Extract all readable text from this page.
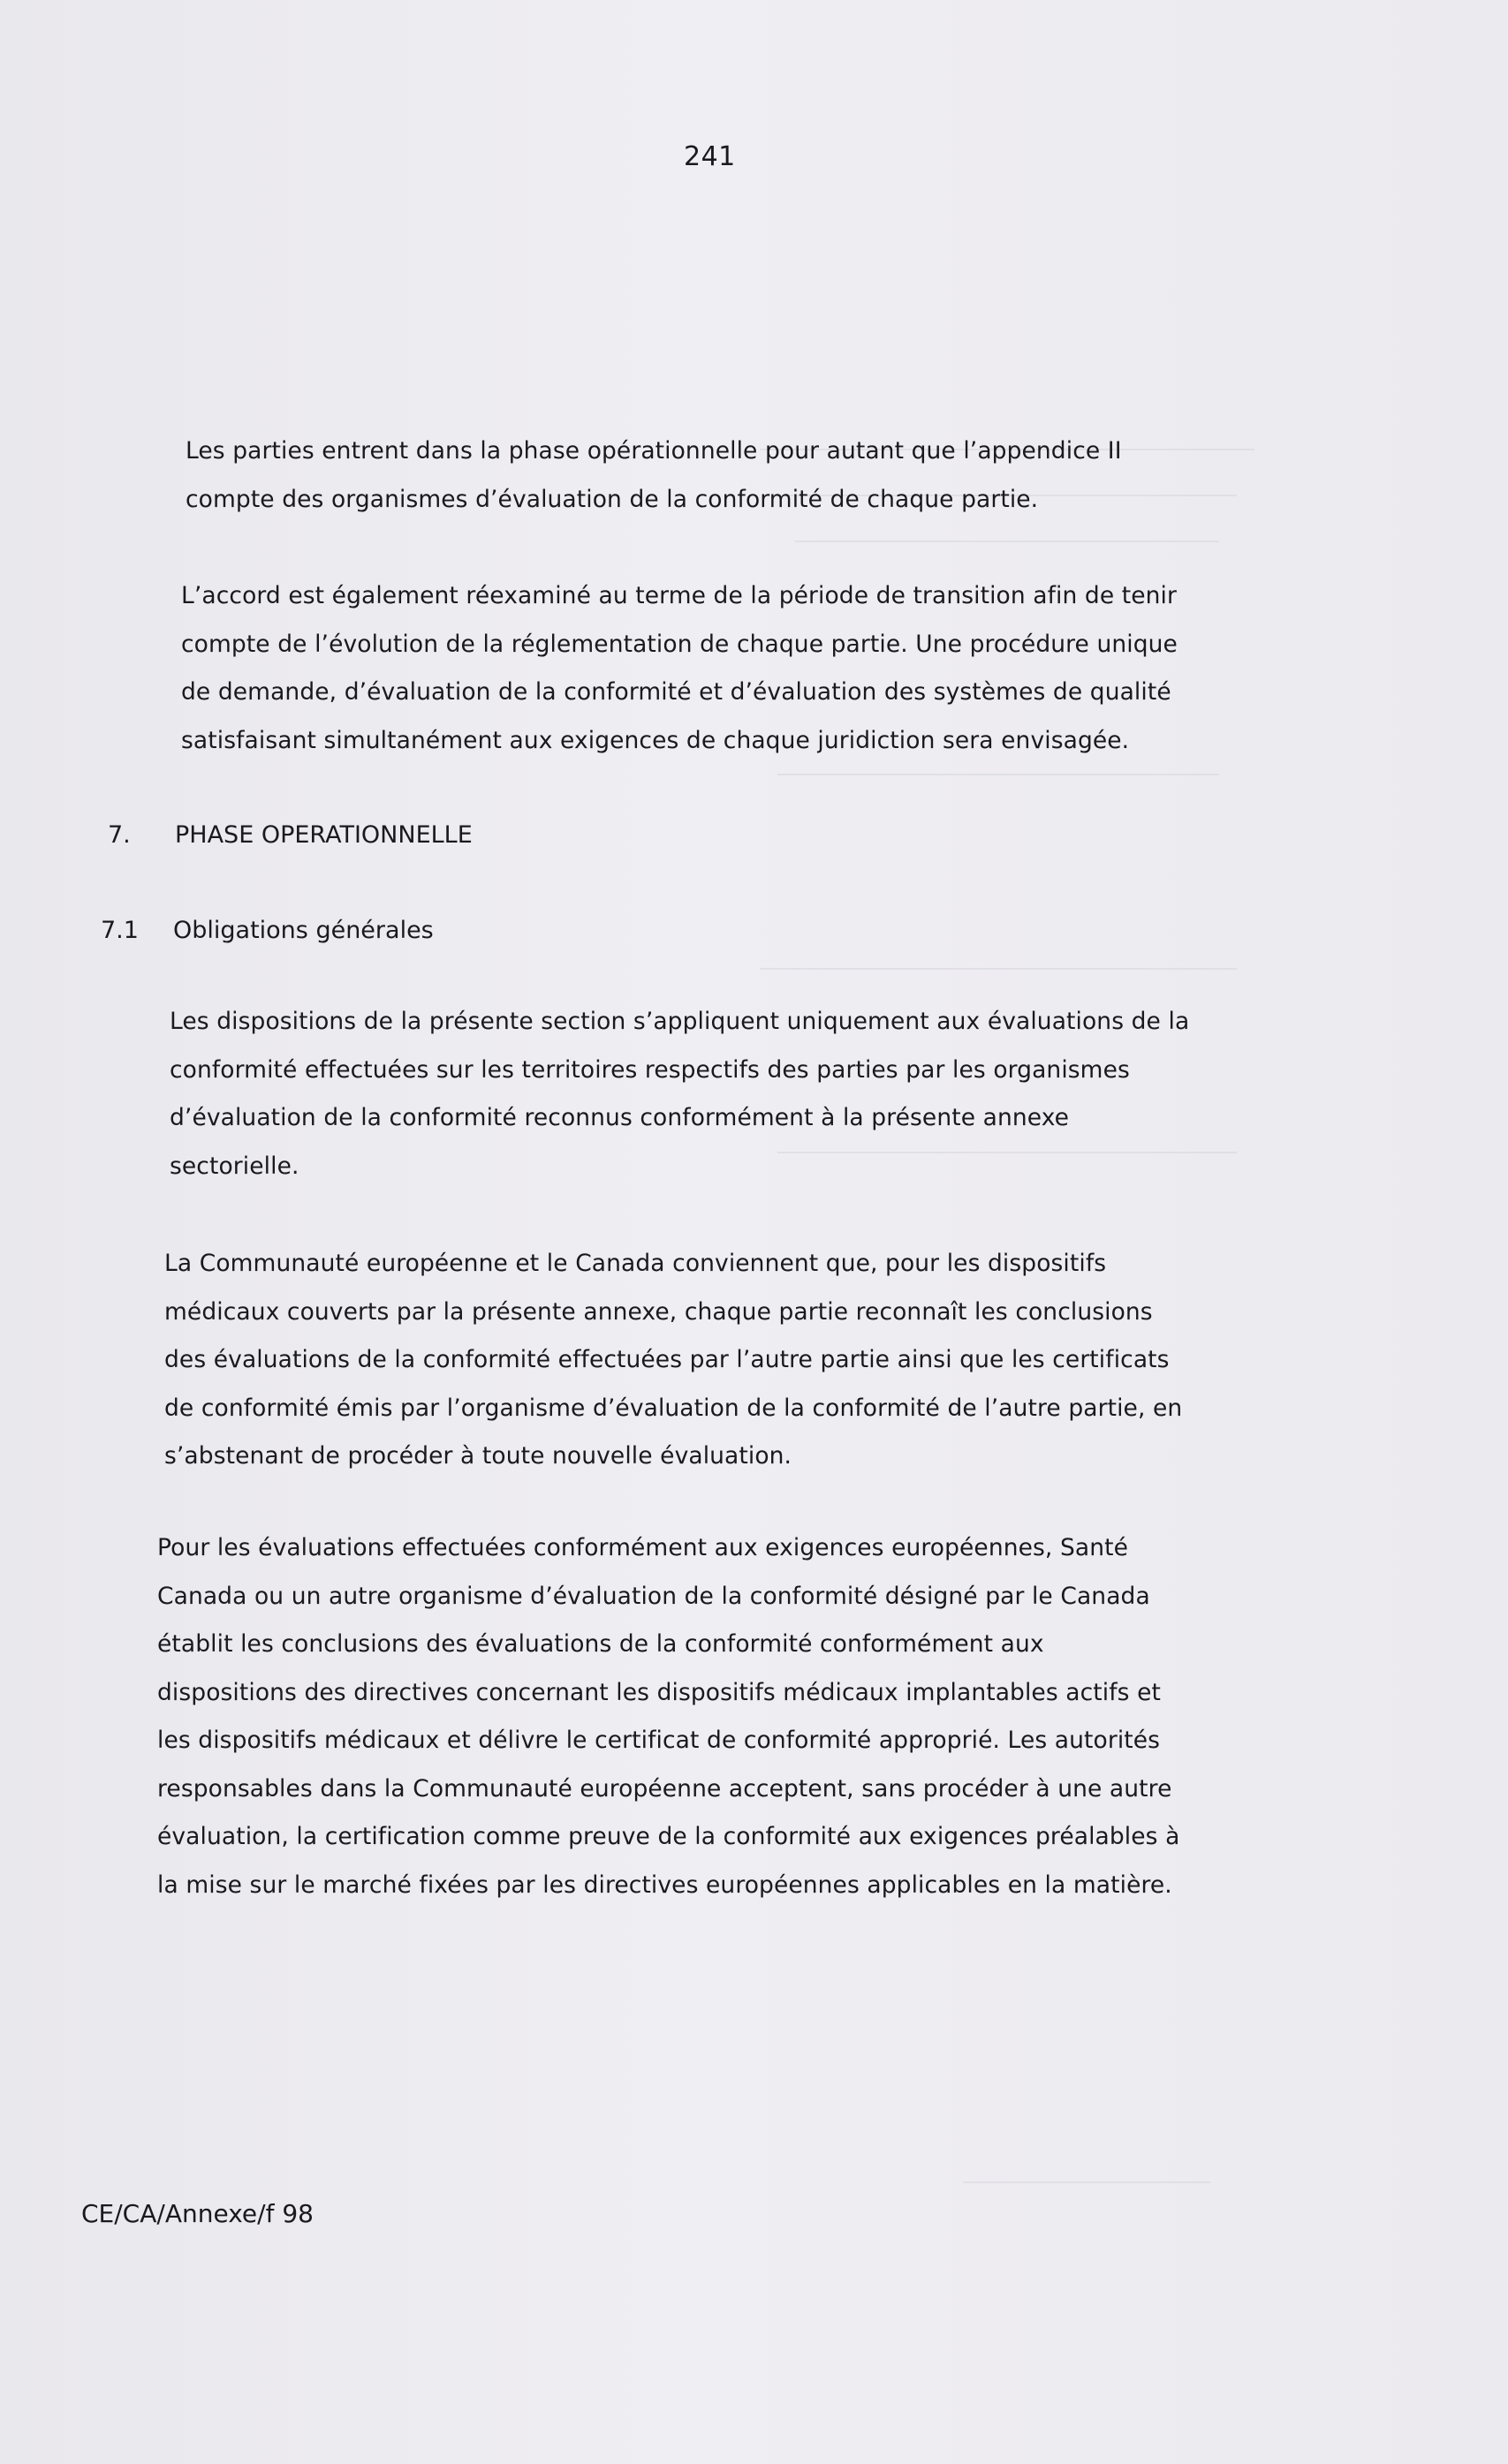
241
Les parties entrent dans la phase opérationnelle pour autant que l’appendice II
compte des organismes d’évaluation de la conformité de chaque partie.
L’accord est également réexaminé au terme de la période de transition afin de tenir
compte de l’évolution de la réglementation de chaque partie. Une procédure unique
de demande, d’évaluation de la conformité et d’évaluation des systèmes de qualité
satisfaisant simultanément aux exigences de chaque juridiction sera envisagée.
7. PHASE OPERATIONNELLE
7.1 Obligations générales
Les dispositions de la présente section s’appliquent uniquement aux évaluations de la
conformité effectuées sur les territoires respectifs des parties par les organismes
d’évaluation de la conformité reconnus conformément à la présente annexe
sectorielle.
La Communauté européenne et le Canada conviennent que, pour les dispositifs
médicaux couverts par la présente annexe, chaque partie reconnaît les conclusions
des évaluations de la conformité effectuées par l’autre partie ainsi que les certificats
de conformité émis par l’organisme d’évaluation de la conformité de l’autre partie, en
s’abstenant de procéder à toute nouvelle évaluation.
Pour les évaluations effectuées conformément aux exigences européennes, Santé
Canada ou un autre organisme d’évaluation de la conformité désigné par le Canada
établit les conclusions des évaluations de la conformité conformément aux
dispositions des directives concernant les dispositifs médicaux implantables actifs et
les dispositifs médicaux et délivre le certificat de conformité approprié. Les autorités
responsables dans la Communauté européenne acceptent, sans procéder à une autre
évaluation, la certification comme preuve de la conformité aux exigences préalables à
la mise sur le marché fixées par les directives européennes applicables en la matière.
CE/CA/Annexe/f 98
